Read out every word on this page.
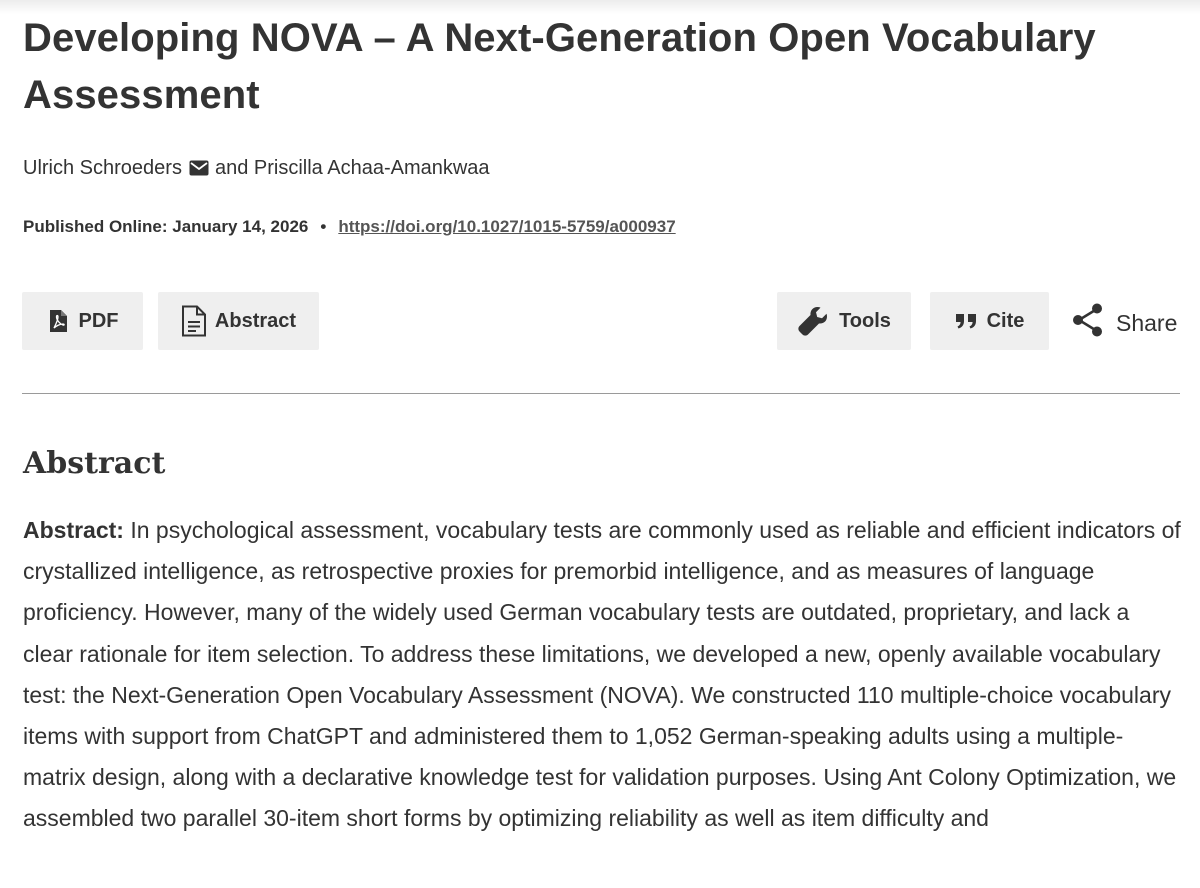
Developing NOVA – A Next-Generation Open Vocabulary Assessment
Ulrich Schroeders and Priscilla Achaa-Amankwaa
Published Online: January 14, 2026 • https://doi.org/10.1027/1015-5759/a000937
PDF	Abstract	Tools	Cite	Share
Abstract

Abstract: In psychological assessment, vocabulary tests are commonly used as reliable and efficient indicators of crystallized intelligence, as retrospective proxies for premorbid intelligence, and as measures of language proficiency. However, many of the widely used German vocabulary tests are outdated, proprietary, and lack a clear rationale for item selection. To address these limitations, we developed a new, openly available vocabulary test: the Next-Generation Open Vocabulary Assessment (NOVA). We constructed 110 multiple-choice vocabulary items with support from ChatGPT and administered them to 1,052 German-speaking adults using a multiple-matrix design, along with a declarative knowledge test for validation purposes. Using Ant Colony Optimization, we assembled two parallel 30-item short forms by optimizing reliability as well as item difficulty and
